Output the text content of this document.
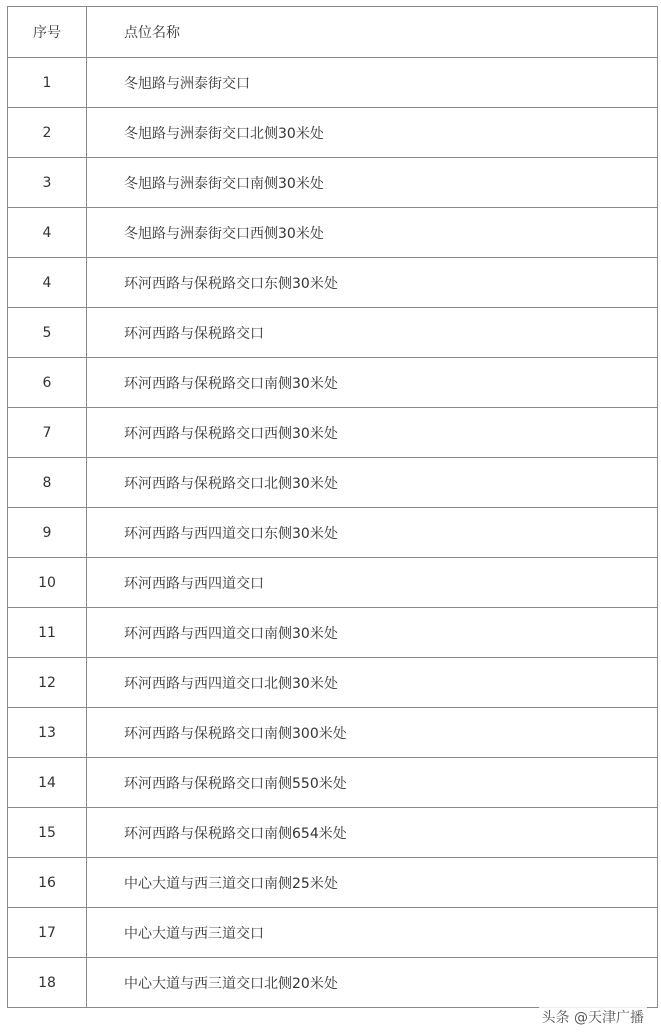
序号	点位名称
1	冬旭路与洲泰街交口
2	冬旭路与洲泰街交口北侧30米处
3	冬旭路与洲泰街交口南侧30米处
4	冬旭路与洲泰街交口西侧30米处
4	环河西路与保税路交口东侧30米处
5	环河西路与保税路交口
6	环河西路与保税路交口南侧30米处
7	环河西路与保税路交口西侧30米处
8	环河西路与保税路交口北侧30米处
9	环河西路与西四道交口东侧30米处
10	环河西路与西四道交口
11	环河西路与西四道交口南侧30米处
12	环河西路与西四道交口北侧30米处
13	环河西路与保税路交口南侧300米处
14	环河西路与保税路交口南侧550米处
15	环河西路与保税路交口南侧654米处
16	中心大道与西三道交口南侧25米处
17	中心大道与西三道交口
18	中心大道与西三道交口北侧20米处
头条 @天津广播
